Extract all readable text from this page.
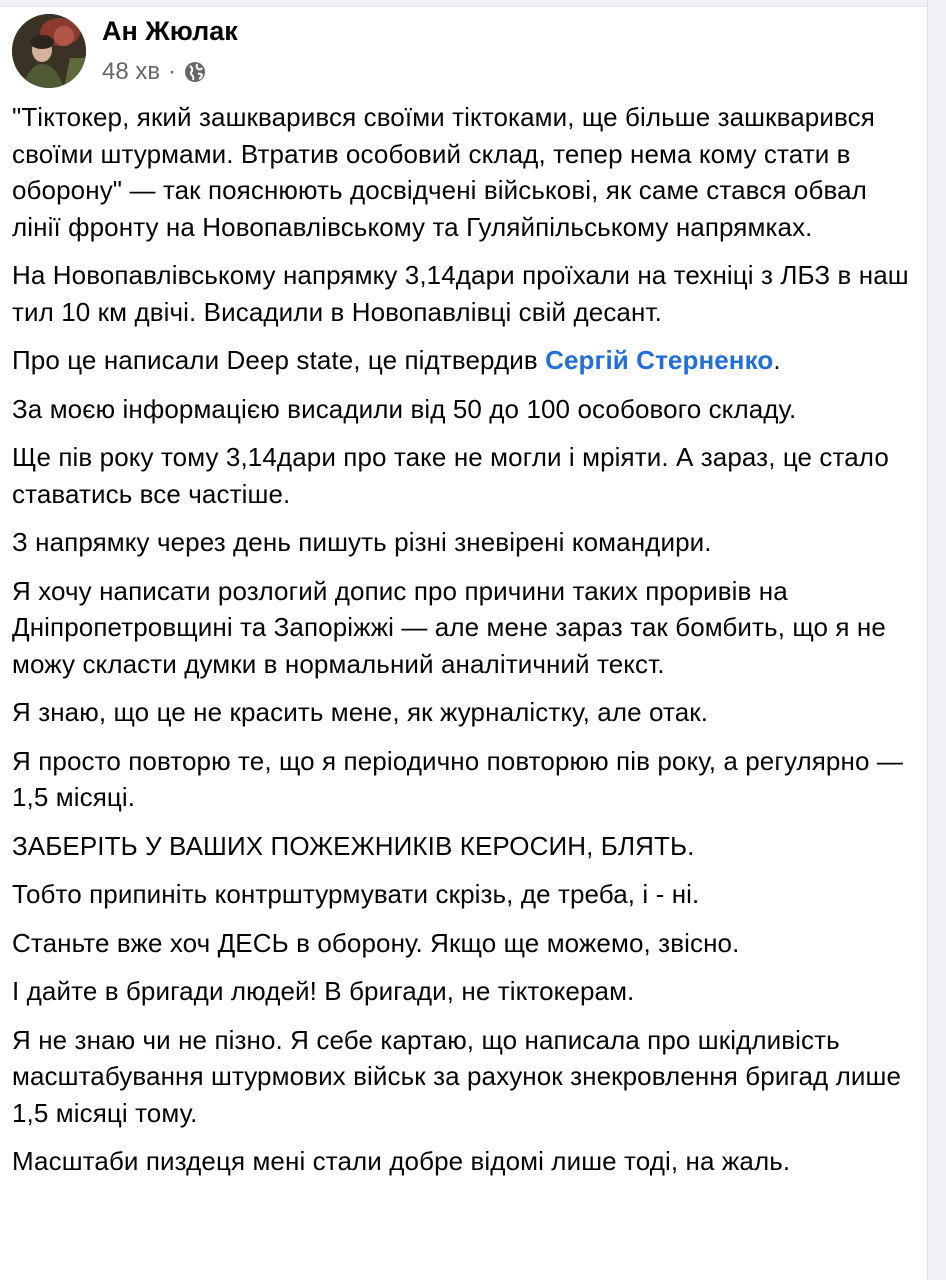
Ан Жюлак
48 хв ·

"Тіктокер, який зашкварився своїми тіктоками, ще більше зашкварився своїми штурмами. Втратив особовий склад, тепер нема кому стати в оборону" — так пояснюють досвідчені військові, як саме стався обвал лінії фронту на Новопавлівському та Гуляйпільському напрямках.

На Новопавлівському напрямку 3,14дари проїхали на техніці з ЛБЗ в наш тил 10 км двічі. Висадили в Новопавлівці свій десант.

Про це написали Deep state, це підтвердив Сергій Стерненко.

За моєю інформацією висадили від 50 до 100 особового складу.

Ще пів року тому 3,14дари про таке не могли і мріяти. А зараз, це стало ставатись все частіше.

З напрямку через день пишуть різні зневірені командири.

Я хочу написати розлогий допис про причини таких проривів на Дніпропетровщині та Запоріжжі — але мене зараз так бомбить, що я не можу скласти думки в нормальний аналітичний текст.

Я знаю, що це не красить мене, як журналістку, але отак.

Я просто повторю те, що я періодично повторюю пів року, а регулярно — 1,5 місяці.

ЗАБЕРІТЬ У ВАШИХ ПОЖЕЖНИКІВ КЕРОСИН, БЛЯТЬ.

Тобто припиніть контрштурмувати скрізь, де треба, і - ні.

Станьте вже хоч ДЕСЬ в оборону. Якщо ще можемо, звісно.

І дайте в бригади людей! В бригади, не тіктокерам.

Я не знаю чи не пізно. Я себе картаю, що написала про шкідливість масштабування штурмових військ за рахунок знекровлення бригад лише 1,5 місяці тому.

Масштаби пиздеця мені стали добре відомі лише тоді, на жаль.
